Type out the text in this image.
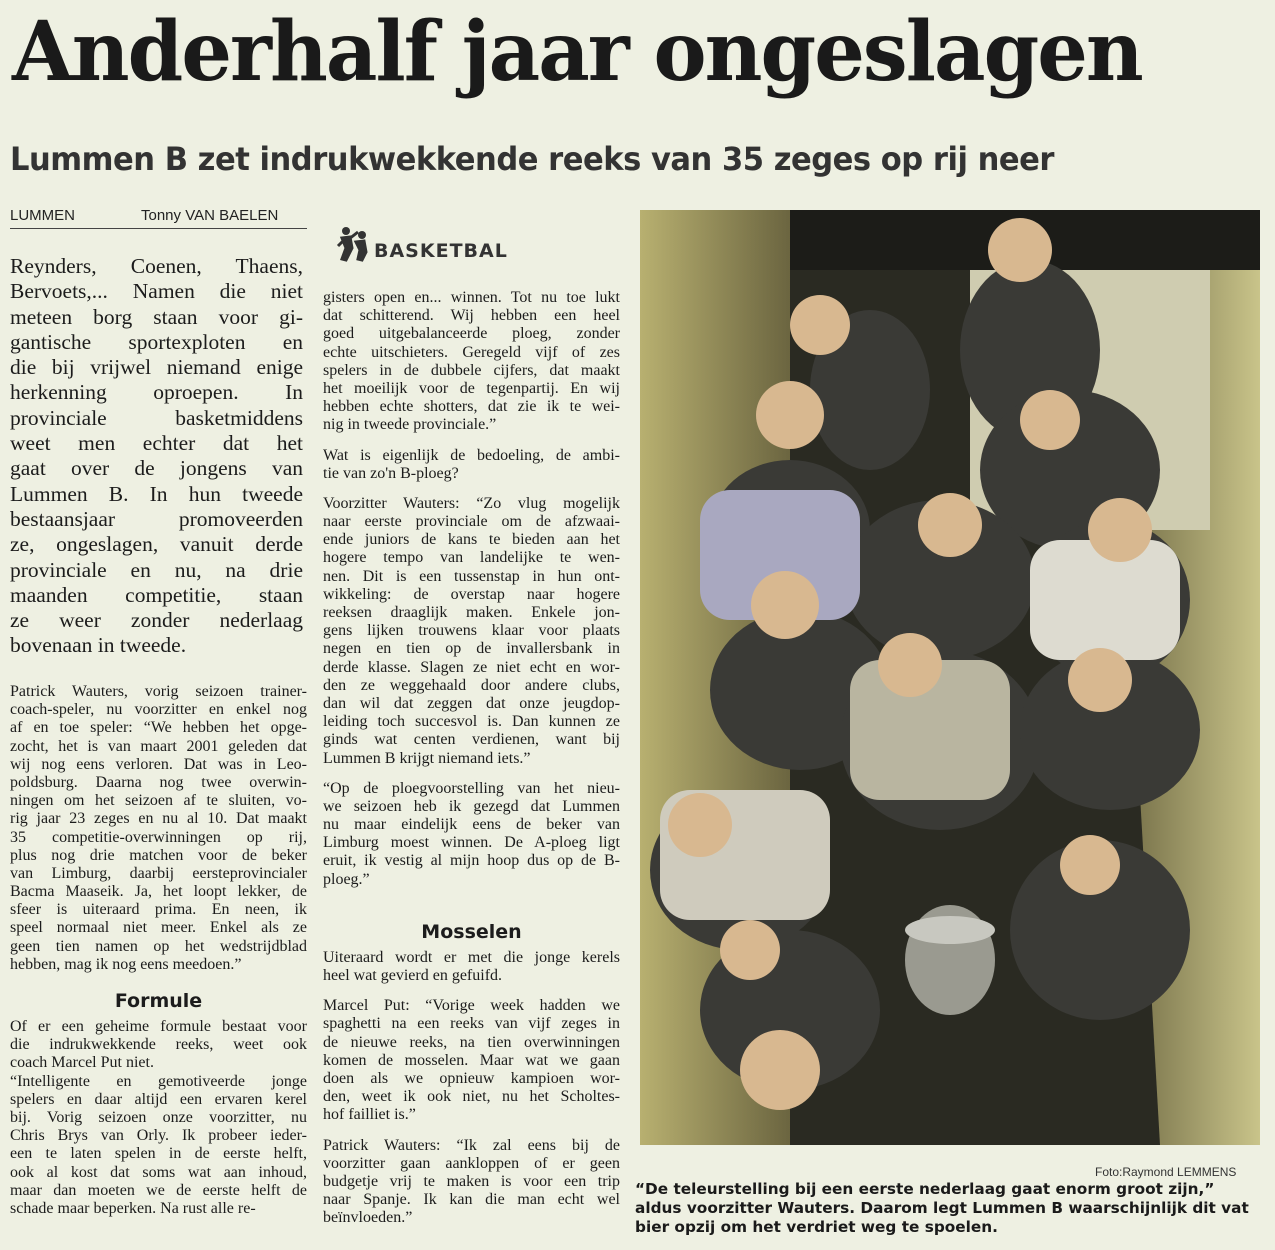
Anderhalf jaar ongeslagen
Lummen B zet indrukwekkende reeks van 35 zeges op rij neer
LUMMEN	Tonny VAN BAELEN
BASKETBAL
Reynders, Coenen, Thaens,
Bervoets,... Namen die niet
meteen borg staan voor gi-
gantische sportexploten en
die bij vrijwel niemand enige
herkenning oproepen. In
provinciale basketmiddens
weet men echter dat het
gaat over de jongens van
Lummen B. In hun tweede
bestaansjaar promoveerden
ze, ongeslagen, vanuit derde
provinciale en nu, na drie
maanden competitie, staan
ze weer zonder nederlaag
bovenaan in tweede.
Patrick Wauters, vorig seizoen trainer-
coach-speler, nu voorzitter en enkel nog
af en toe speler: “We hebben het opge-
zocht, het is van maart 2001 geleden dat
wij nog eens verloren. Dat was in Leo-
poldsburg. Daarna nog twee overwin-
ningen om het seizoen af te sluiten, vo-
rig jaar 23 zeges en nu al 10. Dat maakt
35 competitie-overwinningen op rij,
plus nog drie matchen voor de beker
van Limburg, daarbij eersteprovincialer
Bacma Maaseik. Ja, het loopt lekker, de
sfeer is uiteraard prima. En neen, ik
speel normaal niet meer. Enkel als ze
geen tien namen op het wedstrijdblad
hebben, mag ik nog eens meedoen.”
Formule
Of er een geheime formule bestaat voor
die indrukwekkende reeks, weet ook
coach Marcel Put niet.
“Intelligente en gemotiveerde jonge
spelers en daar altijd een ervaren kerel
bij. Vorig seizoen onze voorzitter, nu
Chris Brys van Orly. Ik probeer ieder-
een te laten spelen in de eerste helft,
ook al kost dat soms wat aan inhoud,
maar dan moeten we de eerste helft de
schade maar beperken. Na rust alle re-
gisters open en... winnen. Tot nu toe lukt
dat schitterend. Wij hebben een heel
goed uitgebalanceerde ploeg, zonder
echte uitschieters. Geregeld vijf of zes
spelers in de dubbele cijfers, dat maakt
het moeilijk voor de tegenpartij. En wij
hebben echte shotters, dat zie ik te wei-
nig in tweede provinciale.”
Wat is eigenlijk de bedoeling, de ambi-
tie van zo'n B-ploeg?
Voorzitter Wauters: “Zo vlug mogelijk
naar eerste provinciale om de afzwaai-
ende juniors de kans te bieden aan het
hogere tempo van landelijke te wen-
nen. Dit is een tussenstap in hun ont-
wikkeling: de overstap naar hogere
reeksen draaglijk maken. Enkele jon-
gens lijken trouwens klaar voor plaats
negen en tien op de invallersbank in
derde klasse. Slagen ze niet echt en wor-
den ze weggehaald door andere clubs,
dan wil dat zeggen dat onze jeugdop-
leiding toch succesvol is. Dan kunnen ze
ginds wat centen verdienen, want bij
Lummen B krijgt niemand iets.”
“Op de ploegvoorstelling van het nieu-
we seizoen heb ik gezegd dat Lummen
nu maar eindelijk eens de beker van
Limburg moest winnen. De A-ploeg ligt
eruit, ik vestig al mijn hoop dus op de B-
ploeg.”
Mosselen
Uiteraard wordt er met die jonge kerels
heel wat gevierd en gefuifd.
Marcel Put: “Vorige week hadden we
spaghetti na een reeks van vijf zeges in
de nieuwe reeks, na tien overwinningen
komen de mosselen. Maar wat we gaan
doen als we opnieuw kampioen wor-
den, weet ik ook niet, nu het Scholtes-
hof failliet is.”
Patrick Wauters: “Ik zal eens bij de
voorzitter gaan aankloppen of er geen
budgetje vrij te maken is voor een trip
naar Spanje. Ik kan die man echt wel
beïnvloeden.”
Foto:Raymond LEMMENS
“De teleurstelling bij een eerste nederlaag gaat enorm groot zijn,” aldus voorzitter Wauters. Daarom legt Lummen B waarschijnlijk dit vat bier opzij om het verdriet weg te spoelen.
